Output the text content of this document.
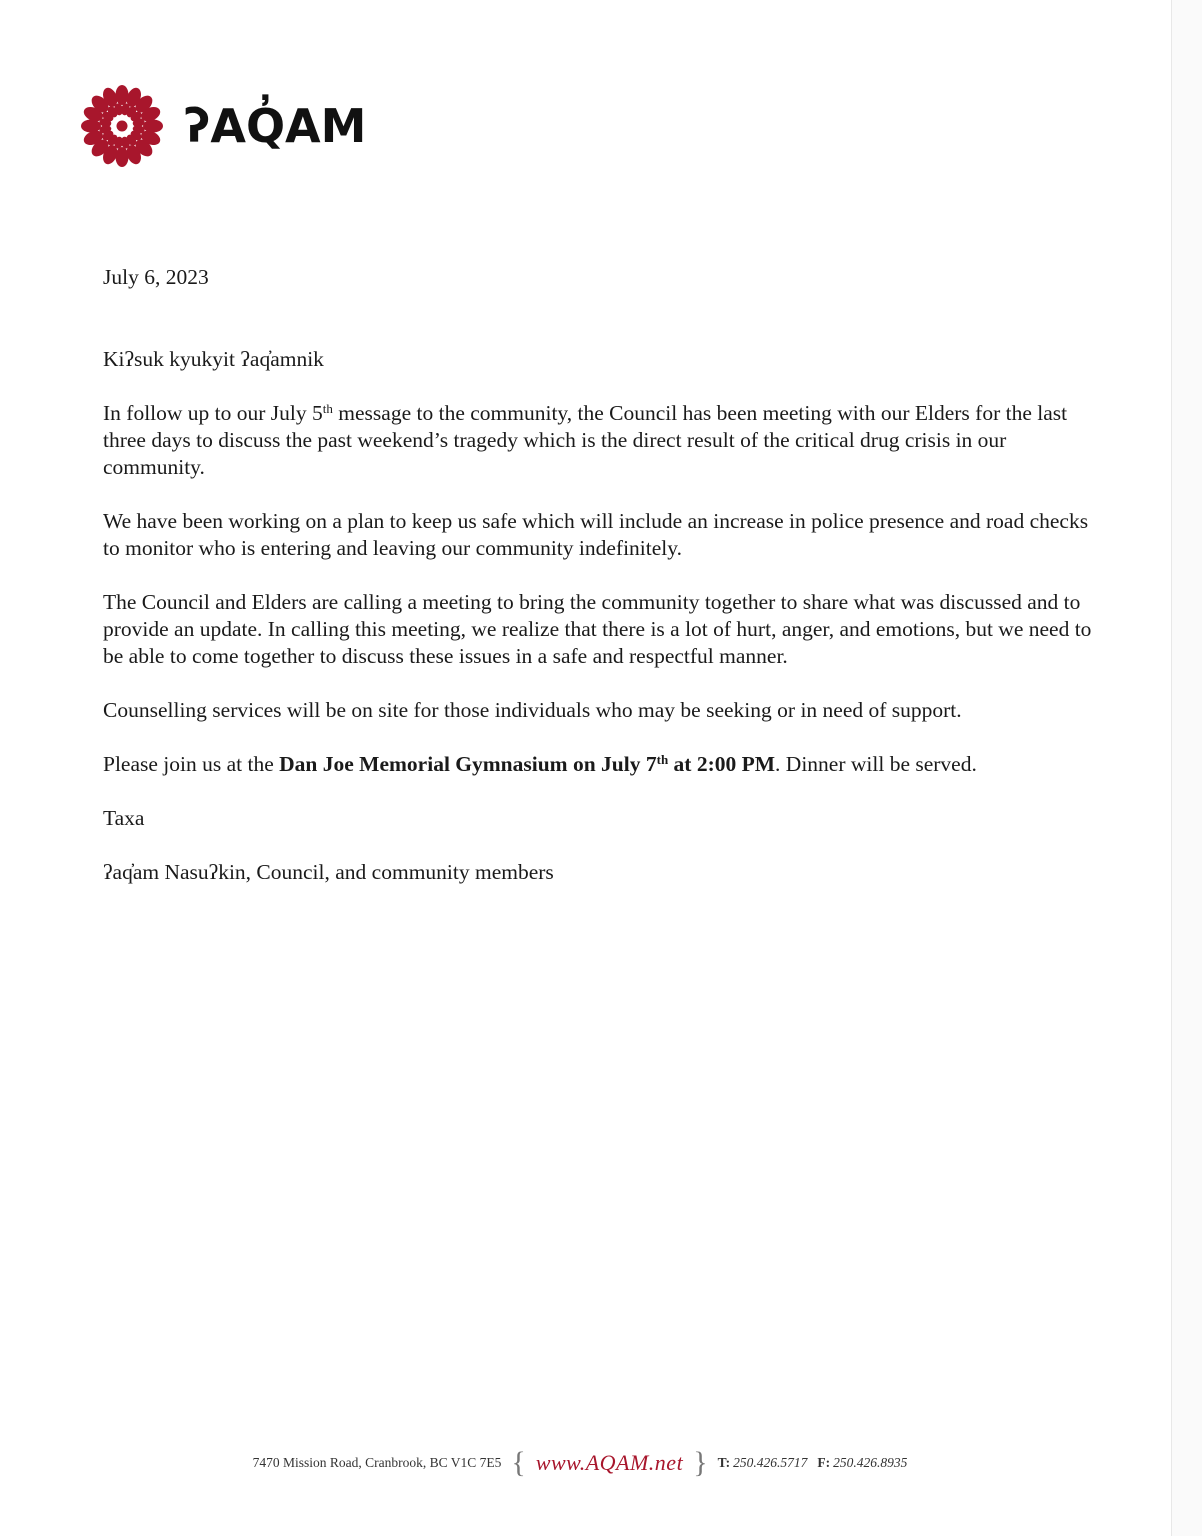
ʔAQ̓AM

July 6, 2023

Kiʔsuk kyukyit ʔaq̓amnik

In follow up to our July 5th message to the community, the Council has been meeting with our Elders for the last three days to discuss the past weekend’s tragedy which is the direct result of the critical drug crisis in our community.

We have been working on a plan to keep us safe which will include an increase in police presence and road checks to monitor who is entering and leaving our community indefinitely.

The Council and Elders are calling a meeting to bring the community together to share what was discussed and to provide an update. In calling this meeting, we realize that there is a lot of hurt, anger, and emotions, but we need to be able to come together to discuss these issues in a safe and respectful manner.

Counselling services will be on site for those individuals who may be seeking or in need of support.

Please join us at the Dan Joe Memorial Gymnasium on July 7th at 2:00 PM. Dinner will be served.

Taxa

ʔaq̓am Nasuʔkin, Council, and community members

7470 Mission Road, Cranbrook, BC V1C 7E5 { www.AQAM.net } T: 250.426.5717 F: 250.426.8935
